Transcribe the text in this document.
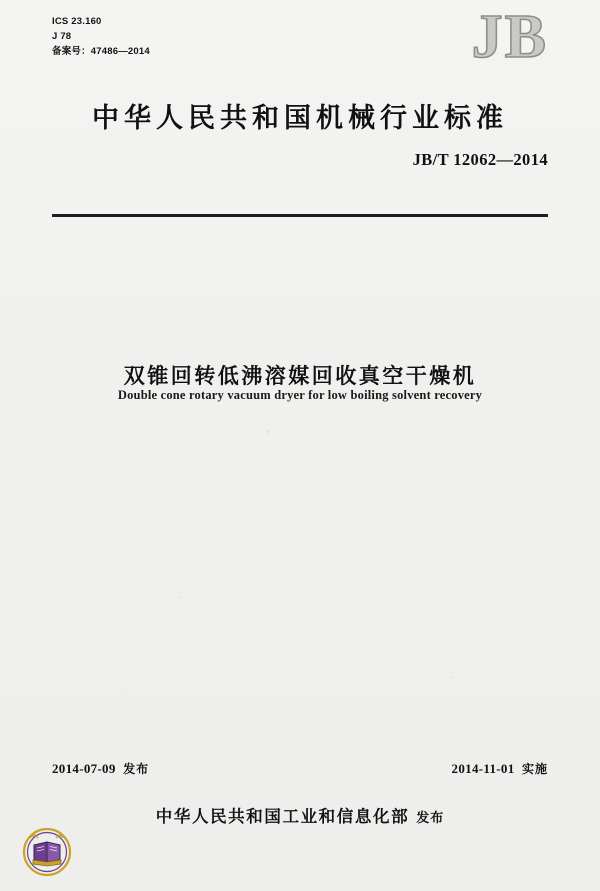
ICS 23.160
J 78
备案号：47486—2014	JB
中华人民共和国机械行业标准
JB/T 12062—2014
双锥回转低沸溶媒回收真空干燥机
Double cone rotary vacuum dryer for low boiling solvent recovery
2014-07-09 发布	2014-11-01 实施
中华人民共和国工业和信息化部 发布
